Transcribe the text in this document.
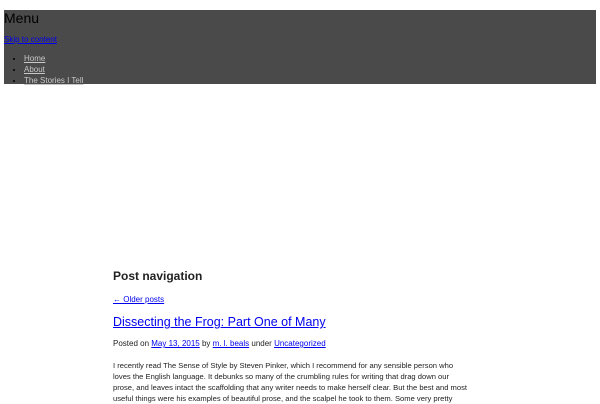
Menu
Skip to content
• Home
• About
• The Stories I Tell
Post navigation
← Older posts
Dissecting the Frog: Part One of Many
Posted on May 13, 2015 by m. l. beals under Uncategorized
I recently read The Sense of Style by Steven Pinker, which I recommend for any sensible person who
loves the English language. It debunks so many of the crumbling rules for writing that drag down our
prose, and leaves intact the scaffolding that any writer needs to make herself clear. But the best and most
useful things were his examples of beautiful prose, and the scalpel he took to them. Some very pretty
